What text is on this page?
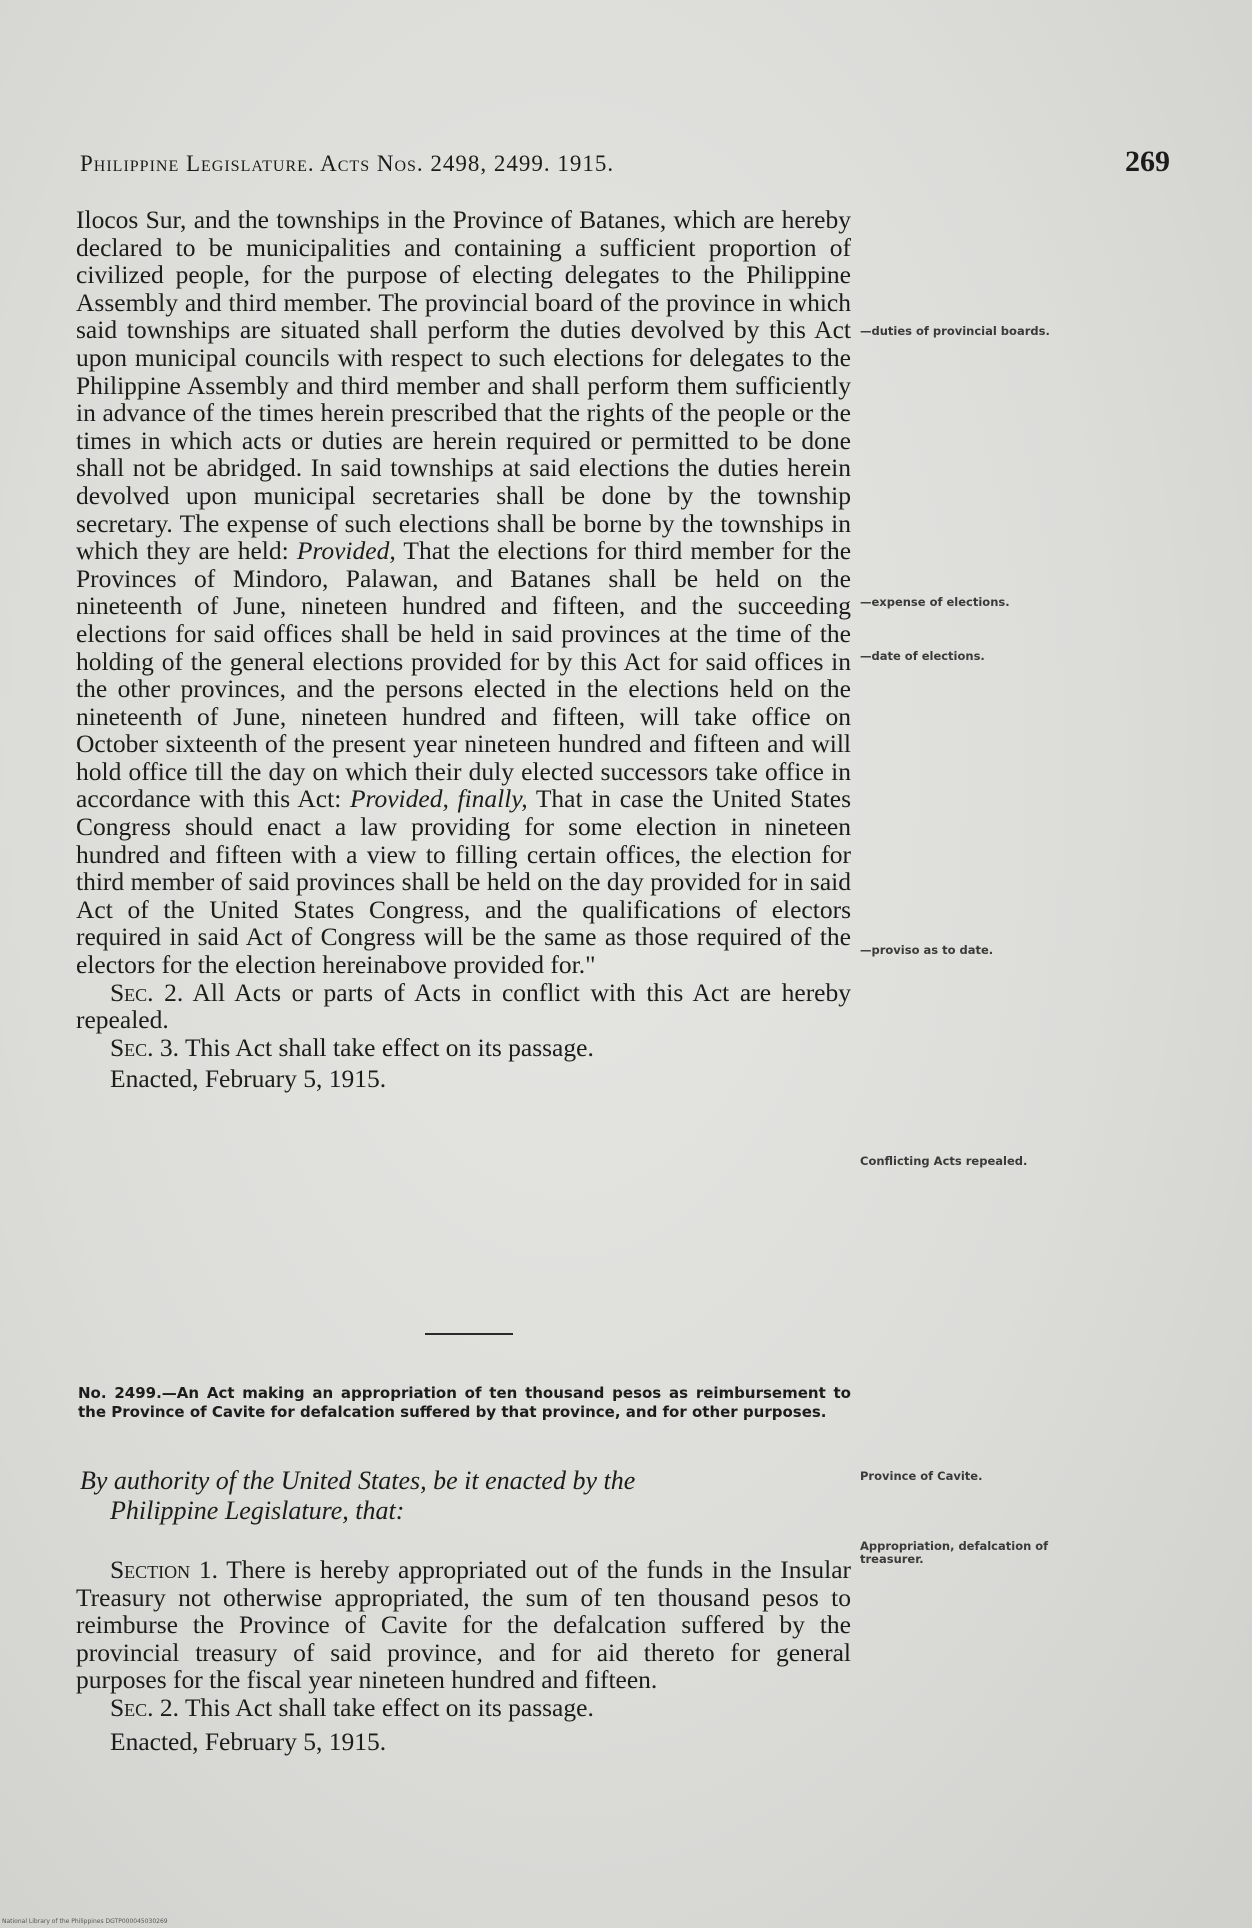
Philippine Legislature. Acts Nos. 2498, 2499. 1915.	269

Ilocos Sur, and the townships in the Province of Batanes, which are hereby declared to be municipalities and containing a sufficient proportion of civilized people, for the purpose of electing delegates to the Philippine Assembly and third member. The provincial board of the province in which said townships are situated shall perform the duties devolved by this Act upon municipal councils with respect to such elections for delegates to the Philippine Assembly and third member and shall perform them sufficiently in advance of the times herein prescribed that the rights of the people or the times in which acts or duties are herein required or permitted to be done shall not be abridged. In said townships at said elections the duties herein devolved upon municipal secretaries shall be done by the township secretary. The expense of such elections shall be borne by the townships in which they are held: Provided, That the elections for third member for the Provinces of Mindoro, Palawan, and Batanes shall be held on the nineteenth of June, nineteen hundred and fifteen, and the succeeding elections for said offices shall be held in said provinces at the time of the holding of the general elections provided for by this Act for said offices in the other provinces, and the persons elected in the elections held on the nineteenth of June, nineteen hundred and fifteen, will take office on October sixteenth of the present year nineteen hundred and fifteen and will hold office till the day on which their duly elected successors take office in accordance with this Act: Provided, finally, That in case the United States Congress should enact a law providing for some election in nineteen hundred and fifteen with a view to filling certain offices, the election for third member of said provinces shall be held on the day provided for in said Act of the United States Congress, and the qualifications of electors required in said Act of Congress will be the same as those required of the electors for the election hereinabove provided for."

Sec. 2. All Acts or parts of Acts in conflict with this Act are hereby repealed.

Sec. 3. This Act shall take effect on its passage.

Enacted, February 5, 1915.

—duties of provincial boards.
—expense of elections.
—date of elections.
—proviso as to date.
Conflicting Acts repealed.
No. 2499.—An Act making an appropriation of ten thousand pesos as reimbursement to the Province of Cavite for defalcation suffered by that province, and for other purposes.
By authority of the United States, be it enacted by the
Philippine Legislature, that:
Province of Cavite.
Appropriation, defalcation of treasurer.

Section 1. There is hereby appropriated out of the funds in the Insular Treasury not otherwise appropriated, the sum of ten thousand pesos to reimburse the Province of Cavite for the defalcation suffered by the provincial treasury of said province, and for aid thereto for general purposes for the fiscal year nineteen hundred and fifteen.

Sec. 2. This Act shall take effect on its passage.

Enacted, February 5, 1915.

National Library of the Philippines DGTP000045030269
